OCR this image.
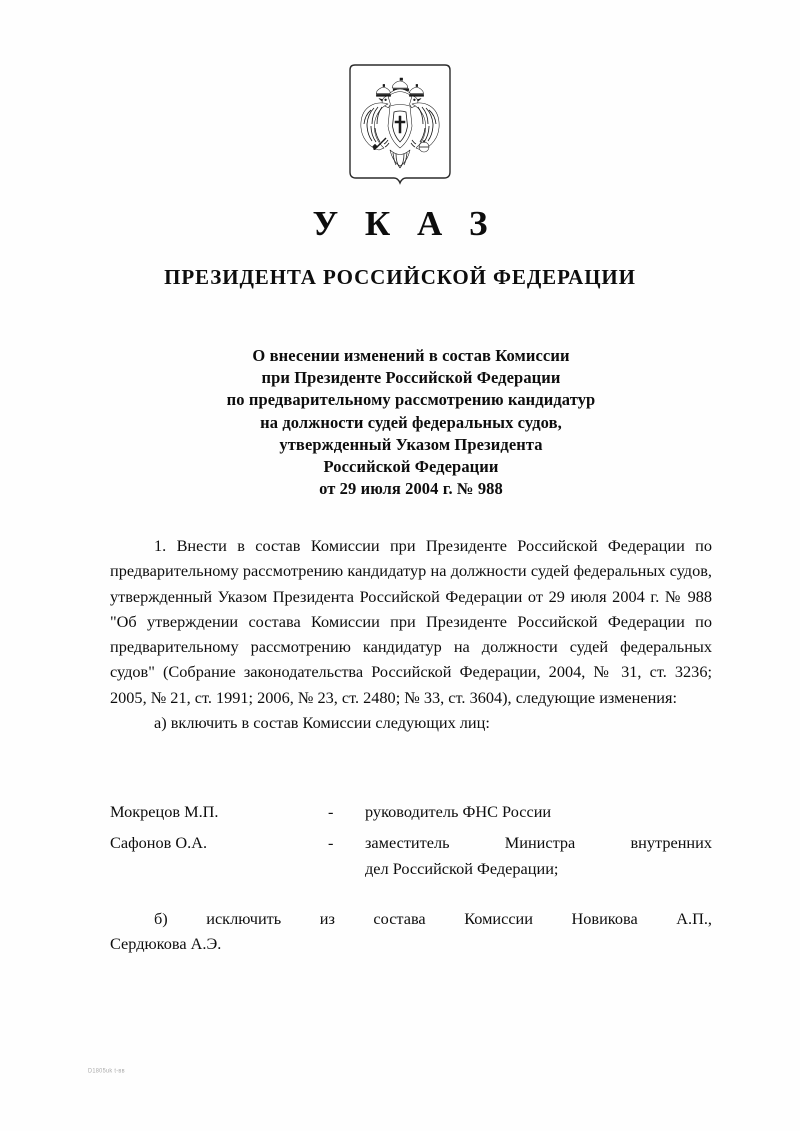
У К А З
ПРЕЗИДЕНТА РОССИЙСКОЙ ФЕДЕРАЦИИ
О внесении изменений в состав Комиссии
при Президенте Российской Федерации
по предварительному рассмотрению кандидатур
на должности судей федеральных судов,
утвержденный Указом Президента
Российской Федерации
от 29 июля 2004 г. № 988

1. Внести в состав Комиссии при Президенте Российской Федерации по предварительному рассмотрению кандидатур на должности судей федеральных судов, утвержденный Указом Президента Российской Федерации от 29 июля 2004 г. № 988 "Об утверждении состава Комиссии при Президенте Российской Федерации по предварительному рассмотрению кандидатур на должности судей федеральных судов" (Собрание законодательства Российской Федерации, 2004, № 31, ст. 3236; 2005, № 21, ст. 1991; 2006, № 23, ст. 2480; № 33, ст. 3604), следующие изменения:

а) включить в состав Комиссии следующих лиц:

Мокрецов М.П.	-	руководитель ФНС России
Сафонов О.А.	-	заместитель Министра внутренних
дел Российской Федерации;
б) исключить из состава Комиссии Новикова А.П.,
Сердюкова А.Э.
D1805uk t-вв
